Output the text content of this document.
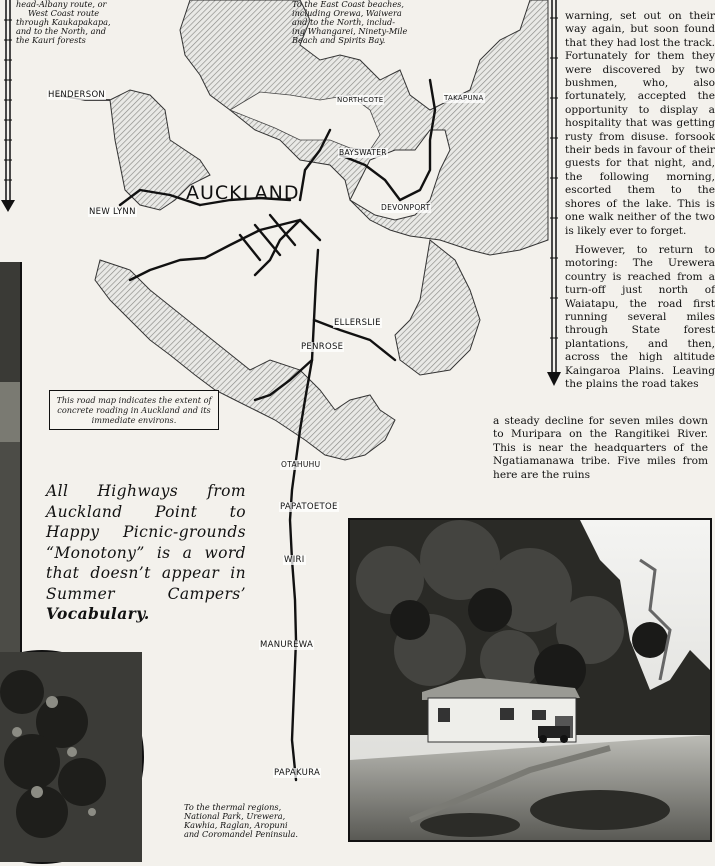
head-Albany route, or
West Coast route
through Kaukapakapa,
and to the North, and
the Kauri forests
To the East Coast beaches,
including Orewa, Waiwera
and to the North, includ-
ing Whangarei, Ninety-Mile
Beach and Spirits Bay.
HENDERSON	NORTHCOTE	TAKAPUNA
BAYSWATER
AUCKLAND
DEVONPORT
NEW LYNN
ELLERSLIE
PENROSE
OTAHUHU
PAPATOETOE
WIRI
MANUREWA
PAPAKURA
This road map indicates the extent of concrete roading in Auckland and its immediate environs.
All Highways from Auckland Point to Happy Picnic-grounds “Monotony” is a word that doesn’t appear in Summer Campers’ Vocabulary.
To the thermal regions,
National Park, Urewera,
Kawhia, Raglan, Aropuni
and Coromandel Peninsula.

warning, set out on their way again, but soon found that they had lost the track. Fortunately for them they were discovered by two bushmen, who, also fortunately, accepted the opportunity to display a hospitality that was getting rusty from disuse. forsook their beds in favour of their guests for that night, and, the following morning, escorted them to the shores of the lake. This is one walk neither of the two is likely ever to forget.

However, to return to motoring: The Urewera country is reached from a turn-off just north of Waiatapu, the road first running several miles through State forest plantations, and then, across the high altitude Kaingaroa Plains. Leaving the plains the road takes

a steady decline for seven miles down to Muripara on the Rangitikei River. This is near the headquarters of the Ngatiamanawa tribe. Five miles from here are the ruins
